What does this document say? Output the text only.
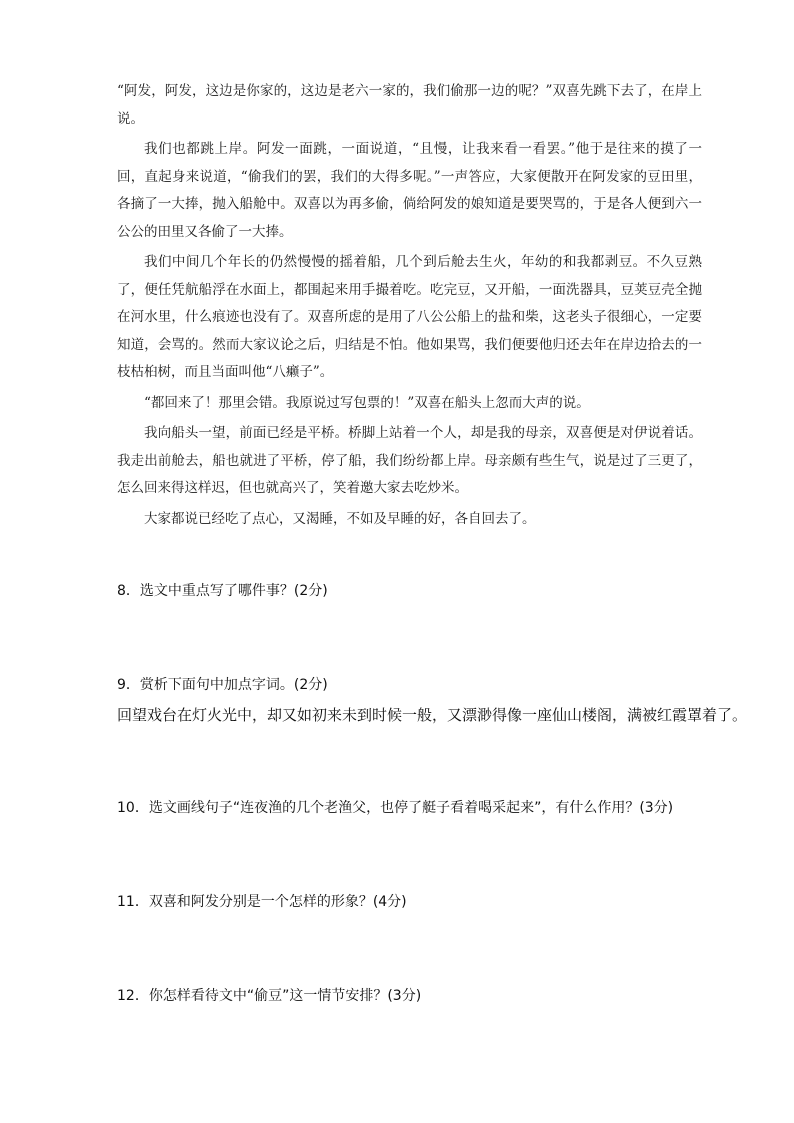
“阿发，阿发，这边是你家的，这边是老六一家的，我们偷那一边的呢？”双喜先跳下去了，在岸上说。

我们也都跳上岸。阿发一面跳，一面说道，“且慢，让我来看一看罢。”他于是往来的摸了一回，直起身来说道，“偷我们的罢，我们的大得多呢。”一声答应，大家便散开在阿发家的豆田里，各摘了一大捧，抛入船舱中。双喜以为再多偷，倘给阿发的娘知道是要哭骂的，于是各人便到六一公公的田里又各偷了一大捧。

我们中间几个年长的仍然慢慢的摇着船，几个到后舱去生火，年幼的和我都剥豆。不久豆熟了，便任凭航船浮在水面上，都围起来用手撮着吃。吃完豆，又开船，一面洗器具，豆荚豆壳全抛在河水里，什么痕迹也没有了。双喜所虑的是用了八公公船上的盐和柴，这老头子很细心，一定要知道，会骂的。然而大家议论之后，归结是不怕。他如果骂，我们便要他归还去年在岸边拾去的一枝枯桕树，而且当面叫他“八癞子”。

“都回来了！那里会错。我原说过写包票的！”双喜在船头上忽而大声的说。

我向船头一望，前面已经是平桥。桥脚上站着一个人，却是我的母亲，双喜便是对伊说着话。我走出前舱去，船也就进了平桥，停了船，我们纷纷都上岸。母亲颇有些生气，说是过了三更了，怎么回来得这样迟，但也就高兴了，笑着邀大家去吃炒米。

大家都说已经吃了点心，又渴睡，不如及早睡的好，各自回去了。

8．选文中重点写了哪件事？(2分)
9．赏析下面句中加点字词。(2分)
回望戏台在灯火光中，却又如初来未到时候一般，又漂渺得像一座仙山楼阁，满被红霞罩着了。
10．选文画线句子“连夜渔的几个老渔父，也停了艇子看着喝采起来”，有什么作用？(3分)
11．双喜和阿发分别是一个怎样的形象？(4分)
12．你怎样看待文中“偷豆”这一情节安排？(3分)
